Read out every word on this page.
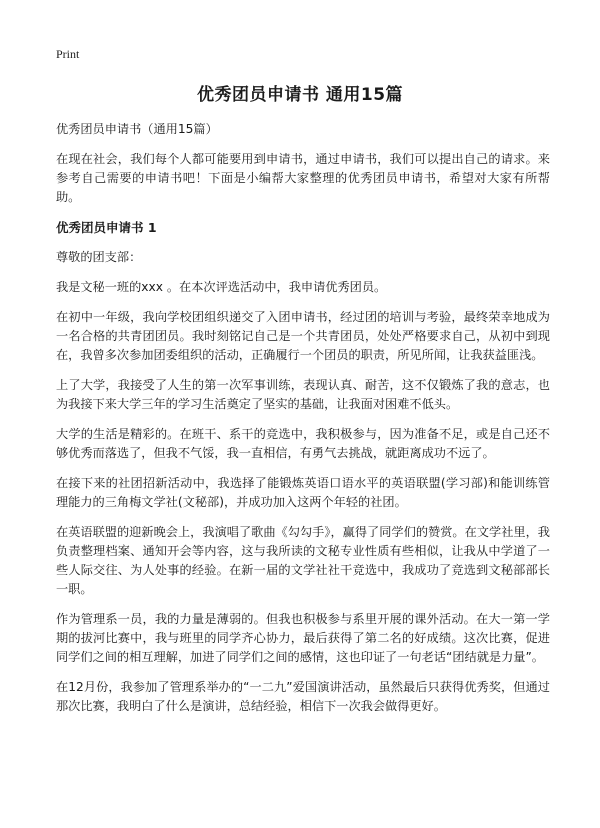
Print
优秀团员申请书 通用15篇

优秀团员申请书（通用15篇）

在现在社会，我们每个人都可能要用到申请书，通过申请书，我们可以提出自己的请求。来参考自己需要的申请书吧！下面是小编帮大家整理的优秀团员申请书，希望对大家有所帮助。

优秀团员申请书 1

尊敬的团支部：

我是文秘一班的xxx 。在本次评选活动中，我申请优秀团员。

在初中一年级，我向学校团组织递交了入团申请书，经过团的培训与考验，最终荣幸地成为一名合格的共青团团员。我时刻铭记自己是一个共青团员，处处严格要求自己，从初中到现在，我曾多次参加团委组织的活动，正确履行一个团员的职责，所见所闻，让我获益匪浅。

上了大学，我接受了人生的第一次军事训练，表现认真、耐苦，这不仅锻炼了我的意志，也为我接下来大学三年的学习生活奠定了坚实的基础，让我面对困难不低头。

大学的生活是精彩的。在班干、系干的竞选中，我积极参与，因为准备不足，或是自己还不够优秀而落选了，但我不气馁，我一直相信，有勇气去挑战，就距离成功不远了。

在接下来的社团招新活动中，我选择了能锻炼英语口语水平的英语联盟(学习部)和能训练管理能力的三角梅文学社(文秘部)，并成功加入这两个年轻的社团。

在英语联盟的迎新晚会上，我演唱了歌曲《勾勾手》，赢得了同学们的赞赏。在文学社里，我负责整理档案、通知开会等内容，这与我所读的文秘专业性质有些相似，让我从中学道了一些人际交往、为人处事的经验。在新一届的文学社社干竞选中，我成功了竞选到文秘部部长一职。

作为管理系一员，我的力量是薄弱的。但我也积极参与系里开展的课外活动。在大一第一学期的拔河比赛中，我与班里的同学齐心协力，最后获得了第二名的好成绩。这次比赛，促进同学们之间的相互理解，加进了同学们之间的感情，这也印证了一句老话“团结就是力量”。

在12月份，我参加了管理系举办的“一二九”爱国演讲活动，虽然最后只获得优秀奖，但通过那次比赛，我明白了什么是演讲，总结经验，相信下一次我会做得更好。
